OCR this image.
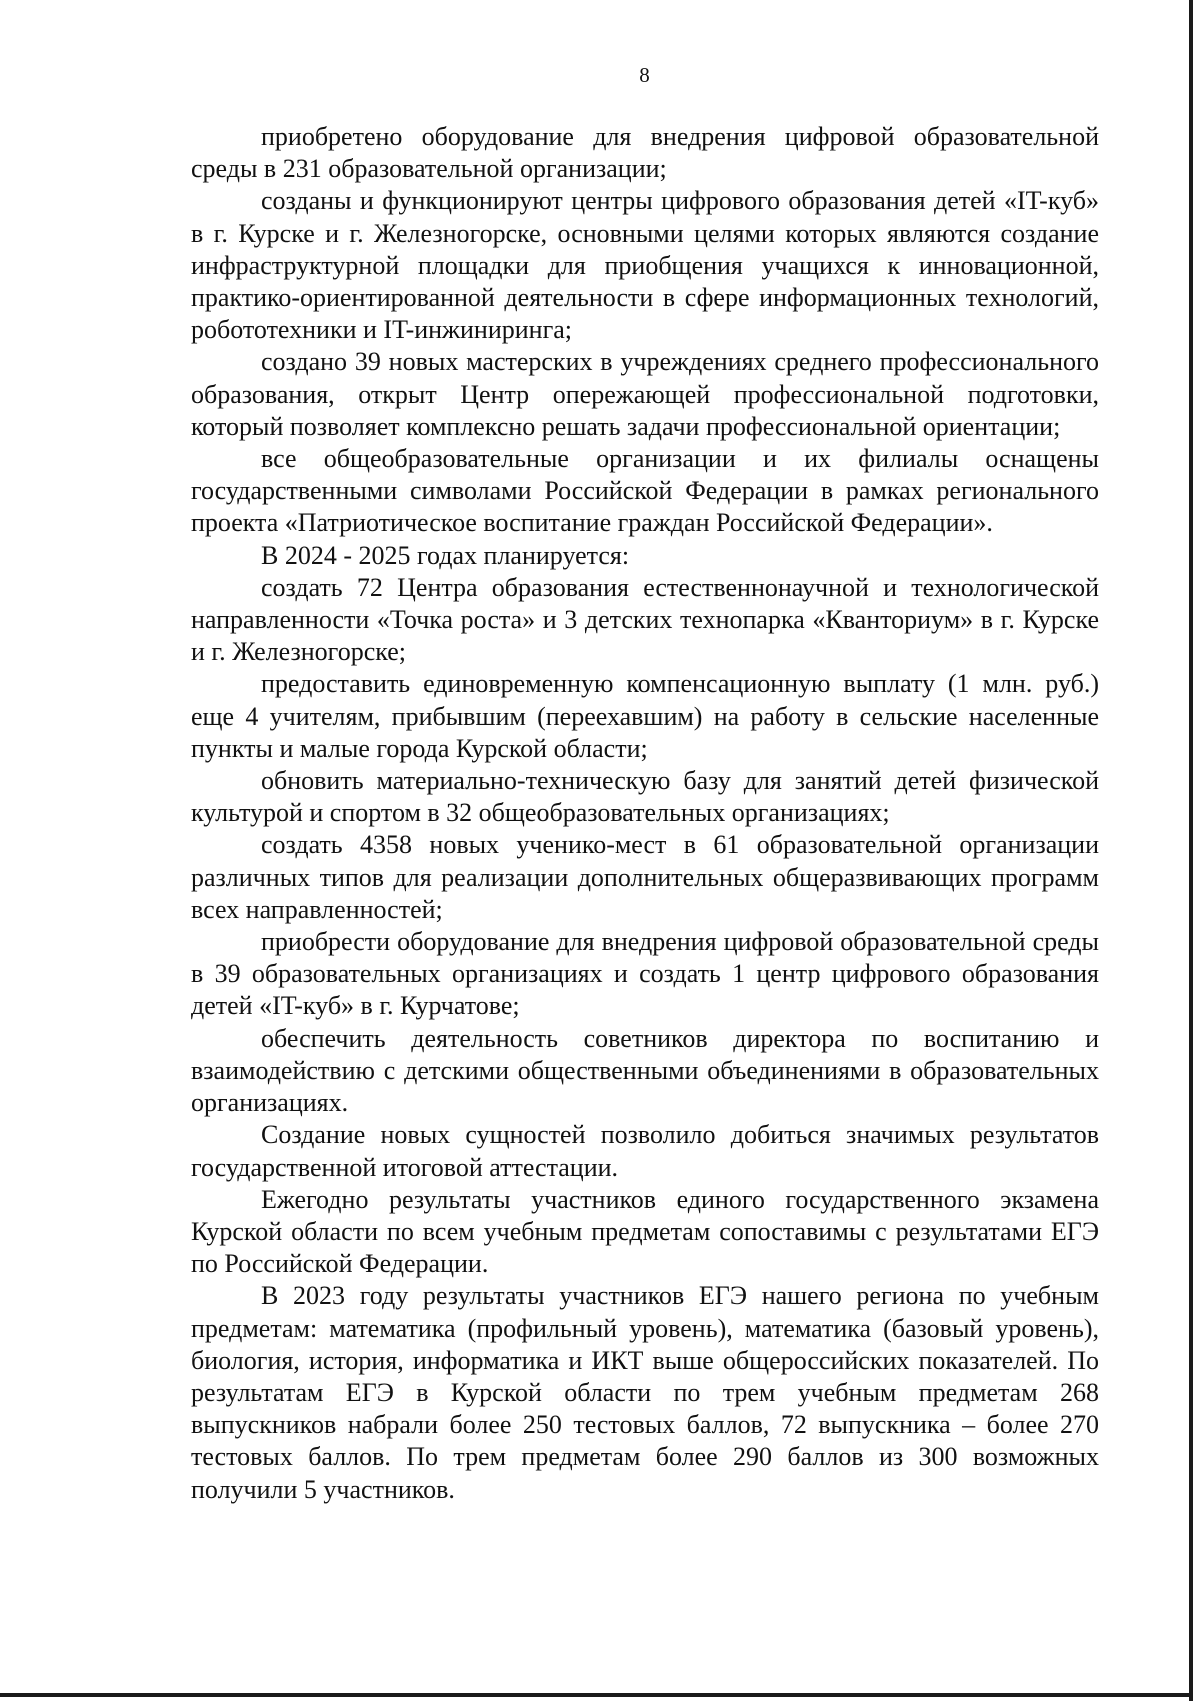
8

приобретено оборудование для внедрения цифровой образовательной среды в 231 образовательной организации;

созданы и функционируют центры цифрового образования детей «IT-куб» в г. Курске и г. Железногорске, основными целями которых являются создание инфраструктурной площадки для приобщения учащихся к инновационной, практико-ориентированной деятельности в сфере информационных технологий, робототехники и IT-инжиниринга;

создано 39 новых мастерских в учреждениях среднего профессионального образования, открыт Центр опережающей профессиональной подготовки, который позволяет комплексно решать задачи профессиональной ориентации;

все общеобразовательные организации и их филиалы оснащены государственными символами Российской Федерации в рамках регионального проекта «Патриотическое воспитание граждан Российской Федерации».

В 2024 - 2025 годах планируется:

создать 72 Центра образования естественнонаучной и технологической направленности «Точка роста» и 3 детских технопарка «Кванториум» в г. Курске и г. Железногорске;

предоставить единовременную компенсационную выплату (1 млн. руб.) еще 4 учителям, прибывшим (переехавшим) на работу в сельские населенные пункты и малые города Курской области;

обновить материально-техническую базу для занятий детей физической культурой и спортом в 32 общеобразовательных организациях;

создать 4358 новых ученико-мест в 61 образовательной организации различных типов для реализации дополнительных общеразвивающих программ всех направленностей;

приобрести оборудование для внедрения цифровой образовательной среды в 39 образовательных организациях и создать 1 центр цифрового образования детей «IT-куб» в г. Курчатове;

обеспечить деятельность советников директора по воспитанию и взаимодействию с детскими общественными объединениями в образовательных организациях.

Создание новых сущностей позволило добиться значимых результатов государственной итоговой аттестации.

Ежегодно результаты участников единого государственного экзамена Курской области по всем учебным предметам сопоставимы с результатами ЕГЭ по Российской Федерации.

В 2023 году результаты участников ЕГЭ нашего региона по учебным предметам: математика (профильный уровень), математика (базовый уровень), биология, история, информатика и ИКТ выше общероссийских показателей. По результатам ЕГЭ в Курской области по трем учебным предметам 268 выпускников набрали более 250 тестовых баллов, 72 выпускника – более 270 тестовых баллов. По трем предметам более 290 баллов из 300 возможных получили 5 участников.
